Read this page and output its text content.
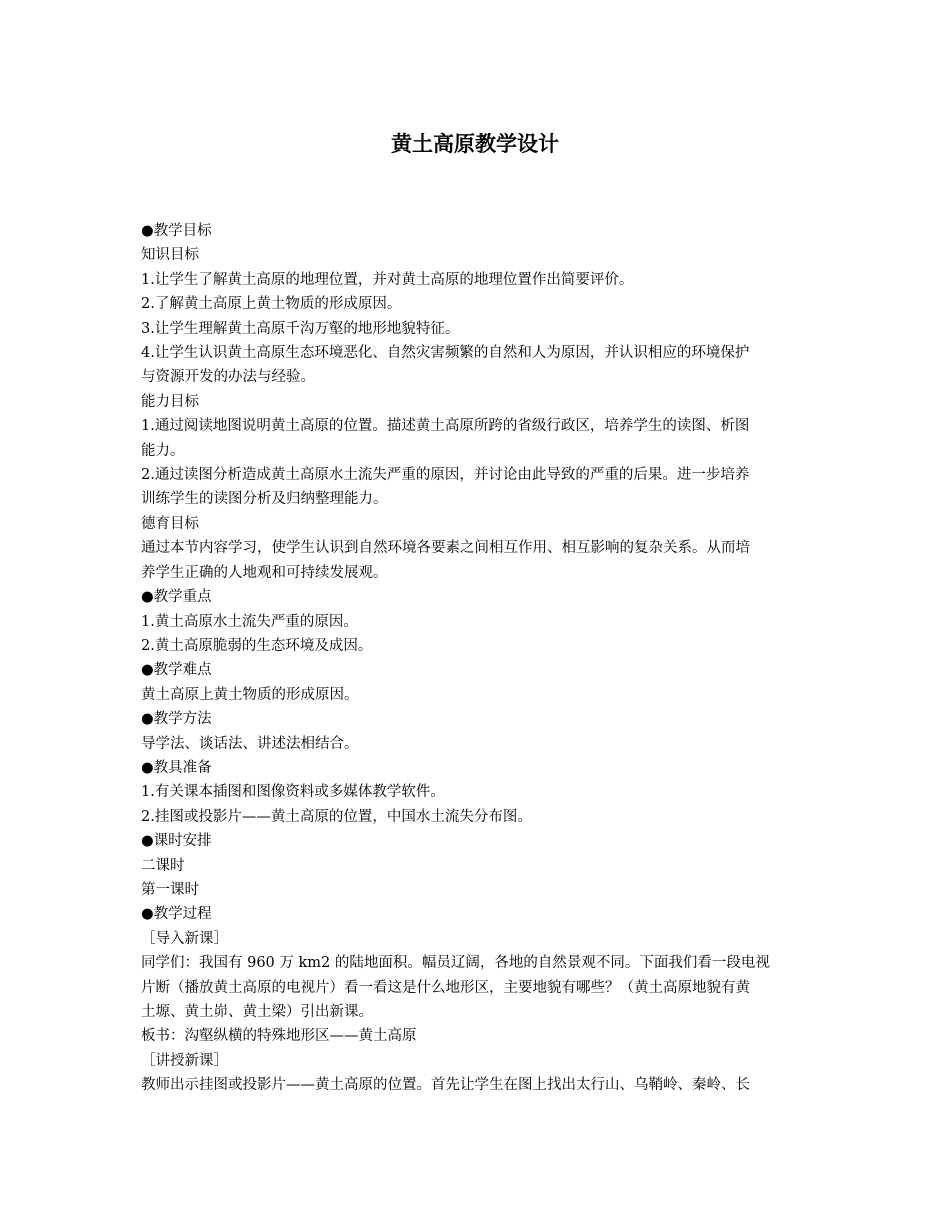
黄土高原教学设计

●教学目标

知识目标

1.让学生了解黄土高原的地理位置，并对黄土高原的地理位置作出简要评价。

2.了解黄土高原上黄土物质的形成原因。

3.让学生理解黄土高原千沟万壑的地形地貌特征。

4.让学生认识黄土高原生态环境恶化、自然灾害频繁的自然和人为原因，并认识相应的环境保护

与资源开发的办法与经验。

能力目标

1.通过阅读地图说明黄土高原的位置。描述黄土高原所跨的省级行政区，培养学生的读图、析图

能力。

2.通过读图分析造成黄土高原水土流失严重的原因，并讨论由此导致的严重的后果。进一步培养

训练学生的读图分析及归纳整理能力。

德育目标

通过本节内容学习，使学生认识到自然环境各要素之间相互作用、相互影响的复杂关系。从而培

养学生正确的人地观和可持续发展观。

●教学重点

1.黄土高原水土流失严重的原因。

2.黄土高原脆弱的生态环境及成因。

●教学难点

黄土高原上黄土物质的形成原因。

●教学方法

导学法、谈话法、讲述法相结合。

●教具准备

1.有关课本插图和图像资料或多媒体教学软件。

2.挂图或投影片——黄土高原的位置，中国水土流失分布图。

●课时安排

二课时

第一课时

●教学过程

［导入新课］

同学们：我国有 960 万 km2 的陆地面积。幅员辽阔，各地的自然景观不同。下面我们看一段电视

片断（播放黄土高原的电视片）看一看这是什么地形区，主要地貌有哪些？（黄土高原地貌有黄

土塬、黄土峁、黄土梁）引出新课。

板书：沟壑纵横的特殊地形区——黄土高原

［讲授新课］

教师出示挂图或投影片——黄土高原的位置。首先让学生在图上找出太行山、乌鞘岭、秦岭、长
